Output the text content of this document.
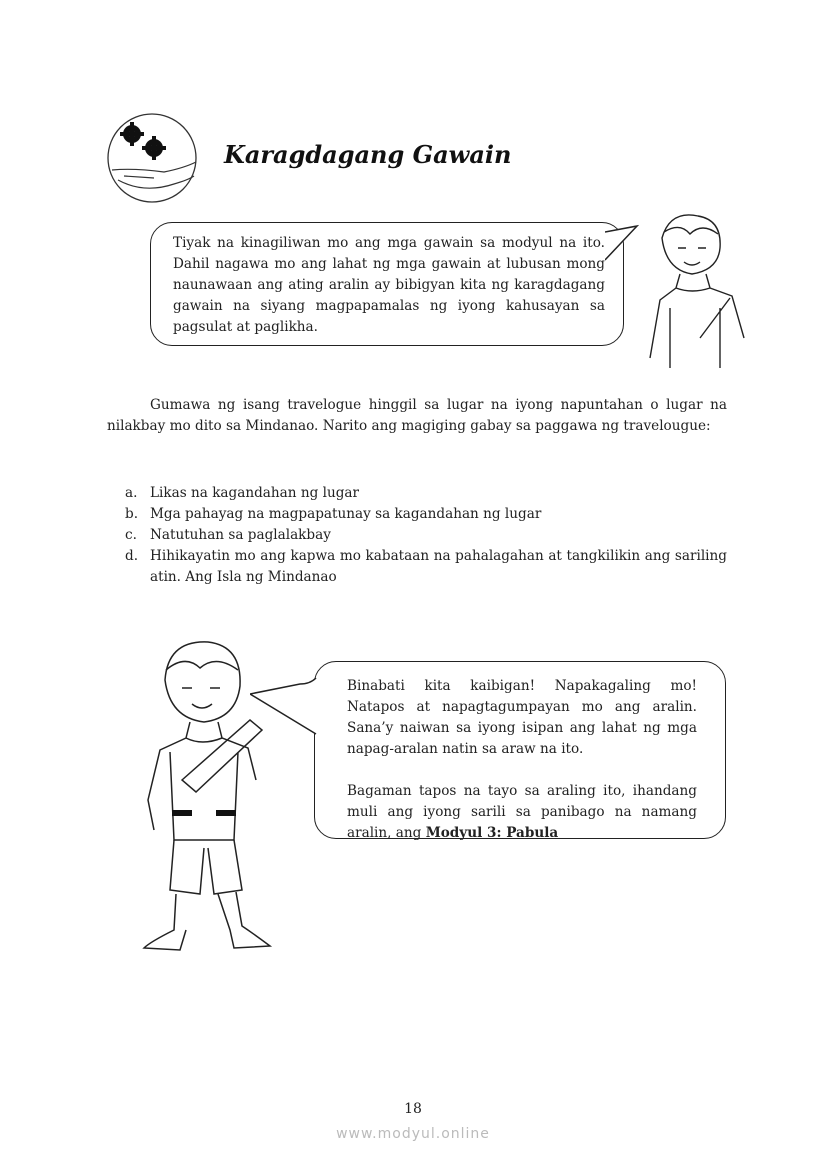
Karagdagang Gawain
Tiyak na kinagiliwan mo ang mga gawain sa modyul na ito. Dahil nagawa mo ang lahat ng mga gawain at lubusan mong naunawaan ang ating aralin ay bibigyan kita ng karagdagang gawain na siyang magpapamalas ng iyong kahusayan sa pagsulat at paglikha.
Gumawa ng isang travelogue hinggil sa lugar na iyong napuntahan o lugar na nilakbay mo dito sa Mindanao. Narito ang magiging gabay sa paggawa ng travelougue:
a. Likas na kagandahan ng lugar
b. Mga pahayag na magpapatunay sa kagandahan ng lugar
c. Natutuhan sa paglalakbay
d. Hihikayatin mo ang kapwa mo kabataan na pahalagahan at tangkilikin ang sariling atin. Ang Isla ng Mindanao

Binabati kita kaibigan! Napakagaling mo! Natapos at napagtagumpayan mo ang aralin. Sana’y naiwan sa iyong isipan ang lahat ng mga napag-aralan natin sa araw na ito.

Bagaman tapos na tayo sa araling ito, ihandang muli ang iyong sarili sa panibago na namang aralin, ang Modyul 3: Pabula

18
www.modyul.online
